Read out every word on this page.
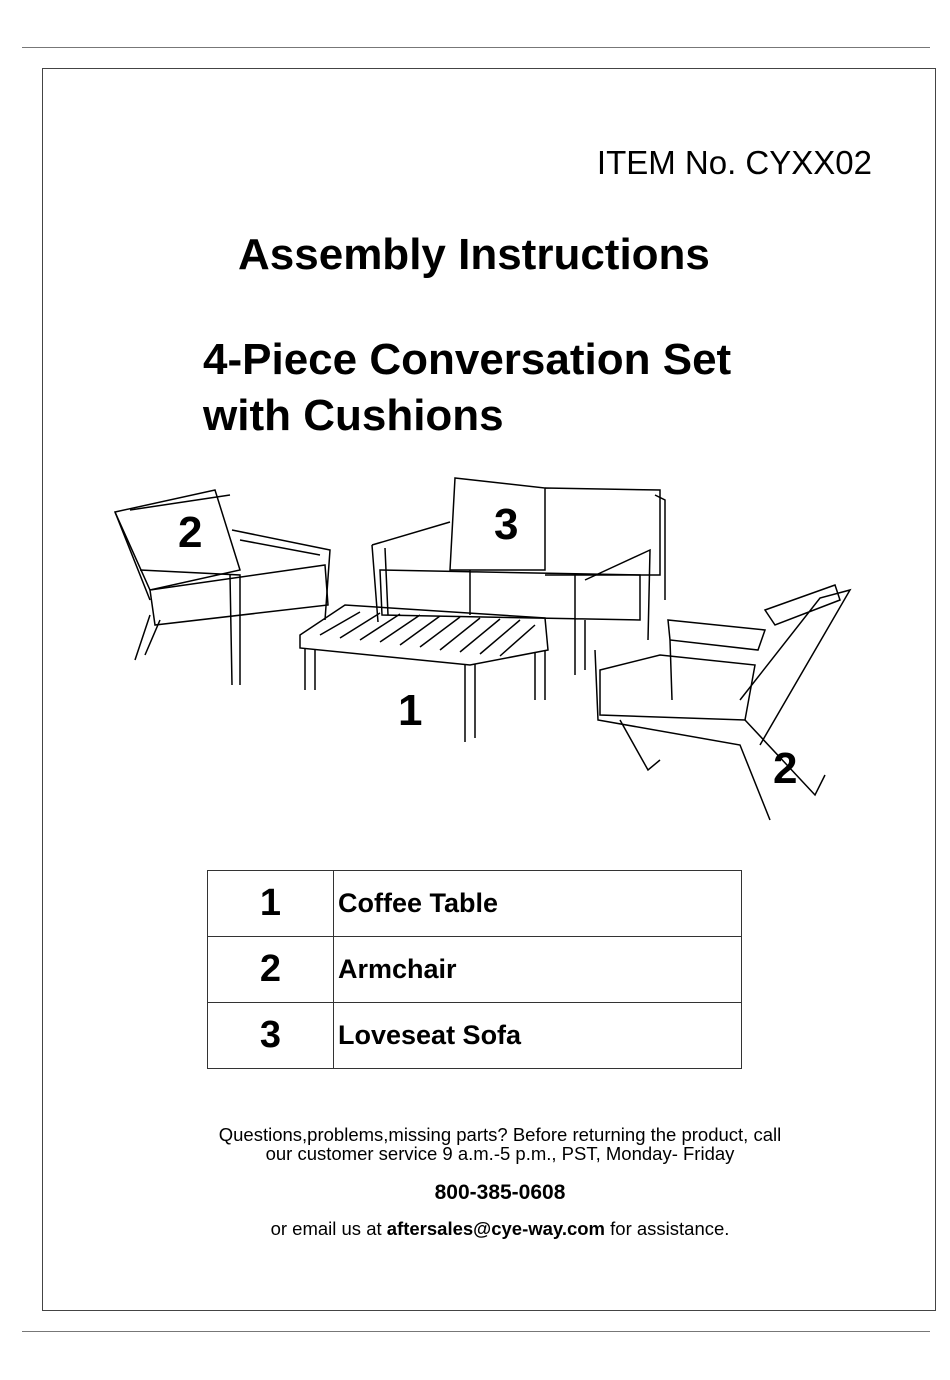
ITEM No. CYXX02
Assembly Instructions
4-Piece Conversation Set
with Cushions
2	3
1
2
1	Coffee Table
2	Armchair
3	Loveseat Sofa
Questions,problems,missing parts? Before returning the product, call
our customer service 9 a.m.-5 p.m., PST, Monday- Friday
800-385-0608
or email us at aftersales@cye-way.com for assistance.
